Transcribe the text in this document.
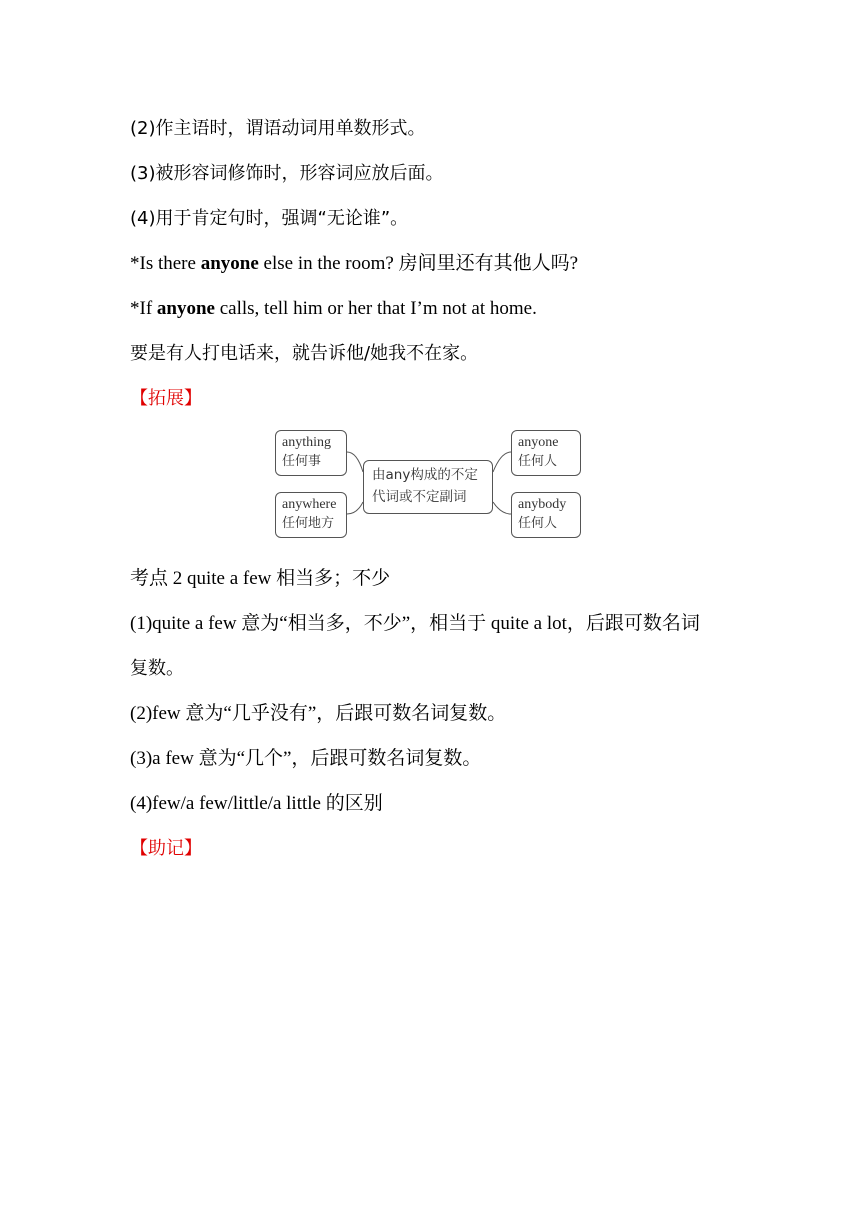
(2)作主语时，谓语动词用单数形式。
(3)被形容词修饰时，形容词应放后面。
(4)用于肯定句时，强调“无论谁”。
*Is there anyone else in the room? 房间里还有其他人吗?
*If anyone calls, tell him or her that I’m not at home.
要是有人打电话来，就告诉他/她我不在家。
【拓展】
anything
任何事
anywhere
任何地方
由any构成的不定
代词或不定副词
anyone
任何人
anybody
任何人
考点 2 quite a few 相当多；不少
(1)quite a few 意为“相当多，不少”，相当于 quite a lot，后跟可数名词
复数。
(2)few 意为“几乎没有”，后跟可数名词复数。
(3)a few 意为“几个”，后跟可数名词复数。
(4)few/a few/little/a little 的区别
【助记】
